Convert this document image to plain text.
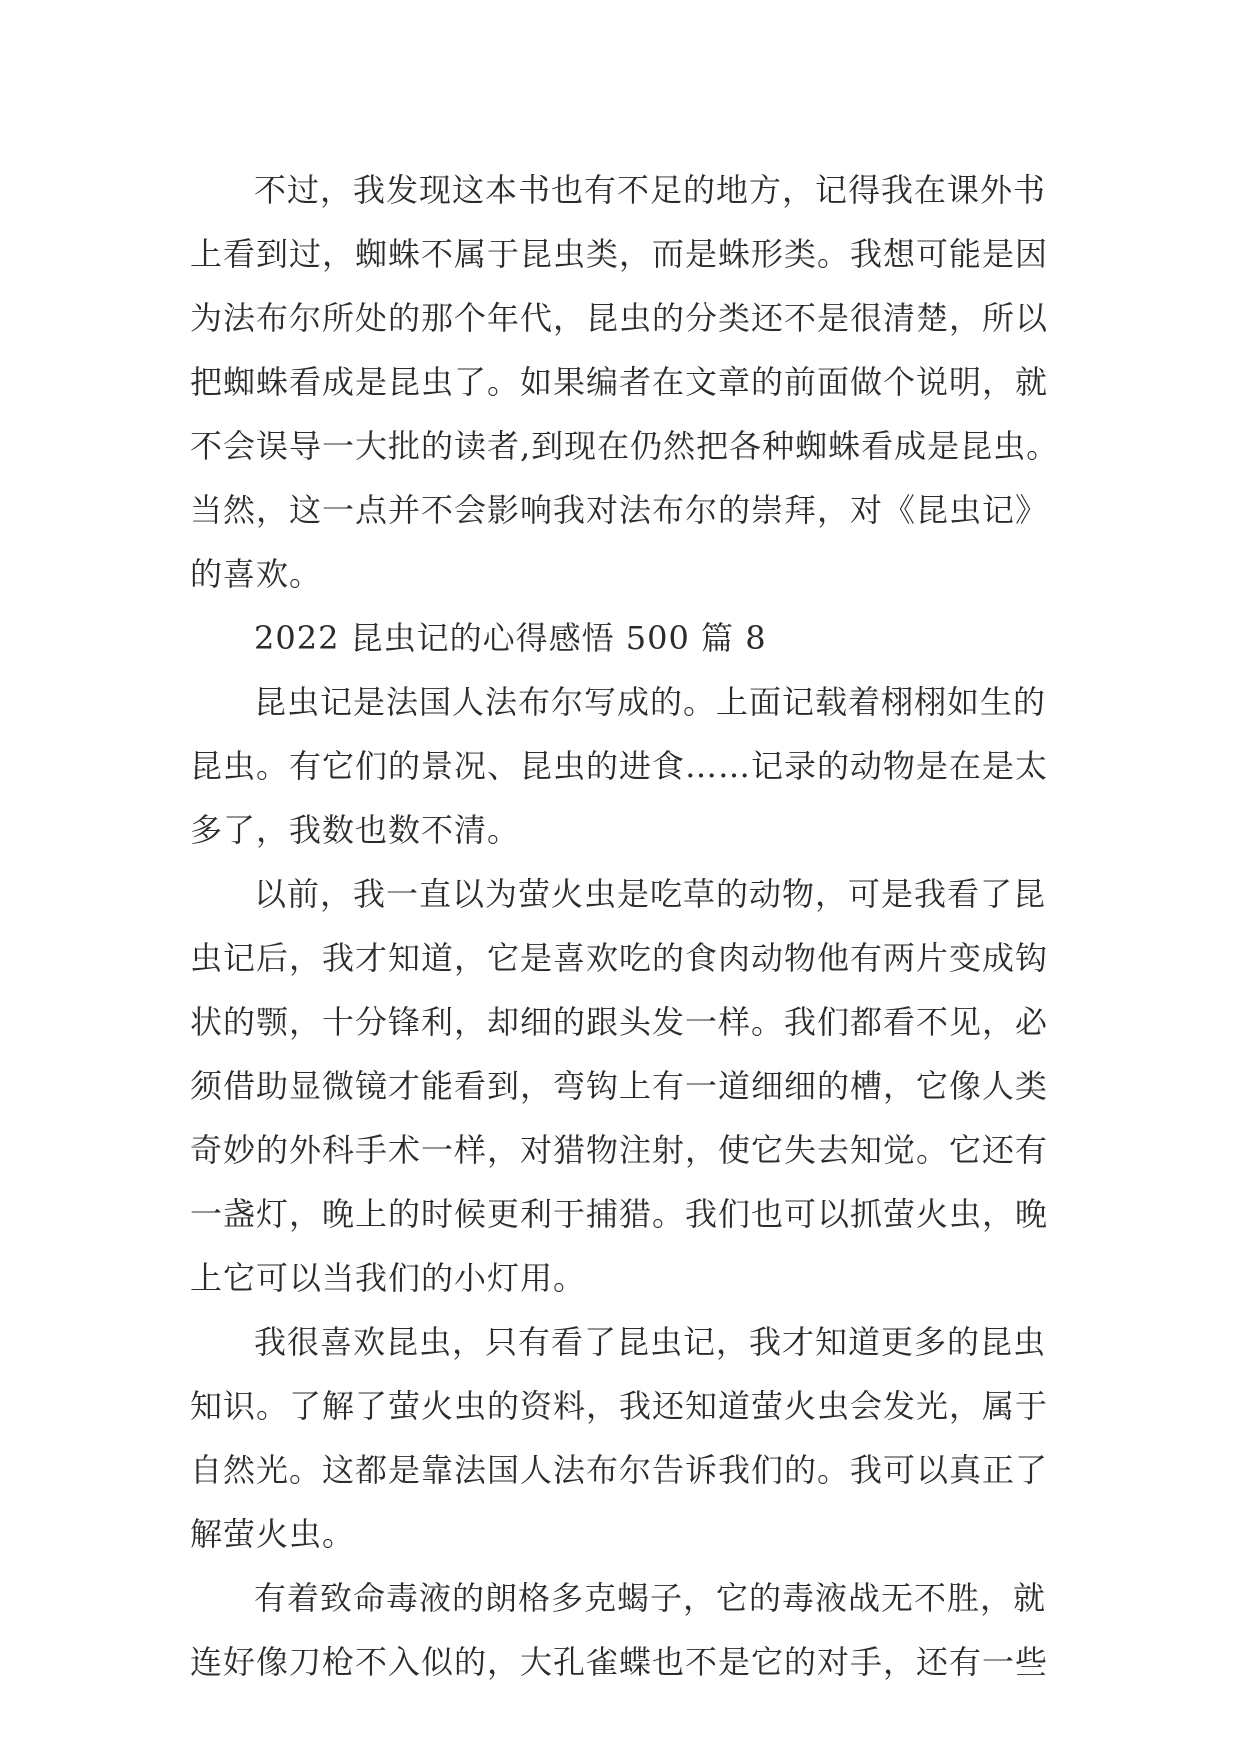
不过，我发现这本书也有不足的地方，记得我在课外书
上看到过，蜘蛛不属于昆虫类，而是蛛形类。我想可能是因
为法布尔所处的那个年代，昆虫的分类还不是很清楚，所以
把蜘蛛看成是昆虫了。如果编者在文章的前面做个说明，就
不会误导一大批的读者,到现在仍然把各种蜘蛛看成是昆虫。
当然，这一点并不会影响我对法布尔的崇拜，对《昆虫记》
的喜欢。
2022 昆虫记的心得感悟 500 篇 8
昆虫记是法国人法布尔写成的。上面记载着栩栩如生的
昆虫。有它们的景况、昆虫的进食……记录的动物是在是太
多了，我数也数不清。
以前，我一直以为萤火虫是吃草的动物，可是我看了昆
虫记后，我才知道，它是喜欢吃的食肉动物他有两片变成钩
状的颚，十分锋利，却细的跟头发一样。我们都看不见，必
须借助显微镜才能看到，弯钩上有一道细细的槽，它像人类
奇妙的外科手术一样，对猎物注射，使它失去知觉。它还有
一盏灯，晚上的时候更利于捕猎。我们也可以抓萤火虫，晚
上它可以当我们的小灯用。
我很喜欢昆虫，只有看了昆虫记，我才知道更多的昆虫
知识。了解了萤火虫的资料，我还知道萤火虫会发光，属于
自然光。这都是靠法国人法布尔告诉我们的。我可以真正了
解萤火虫。
有着致命毒液的朗格多克蝎子，它的毒液战无不胜，就
连好像刀枪不入似的，大孔雀蝶也不是它的对手，还有一些
